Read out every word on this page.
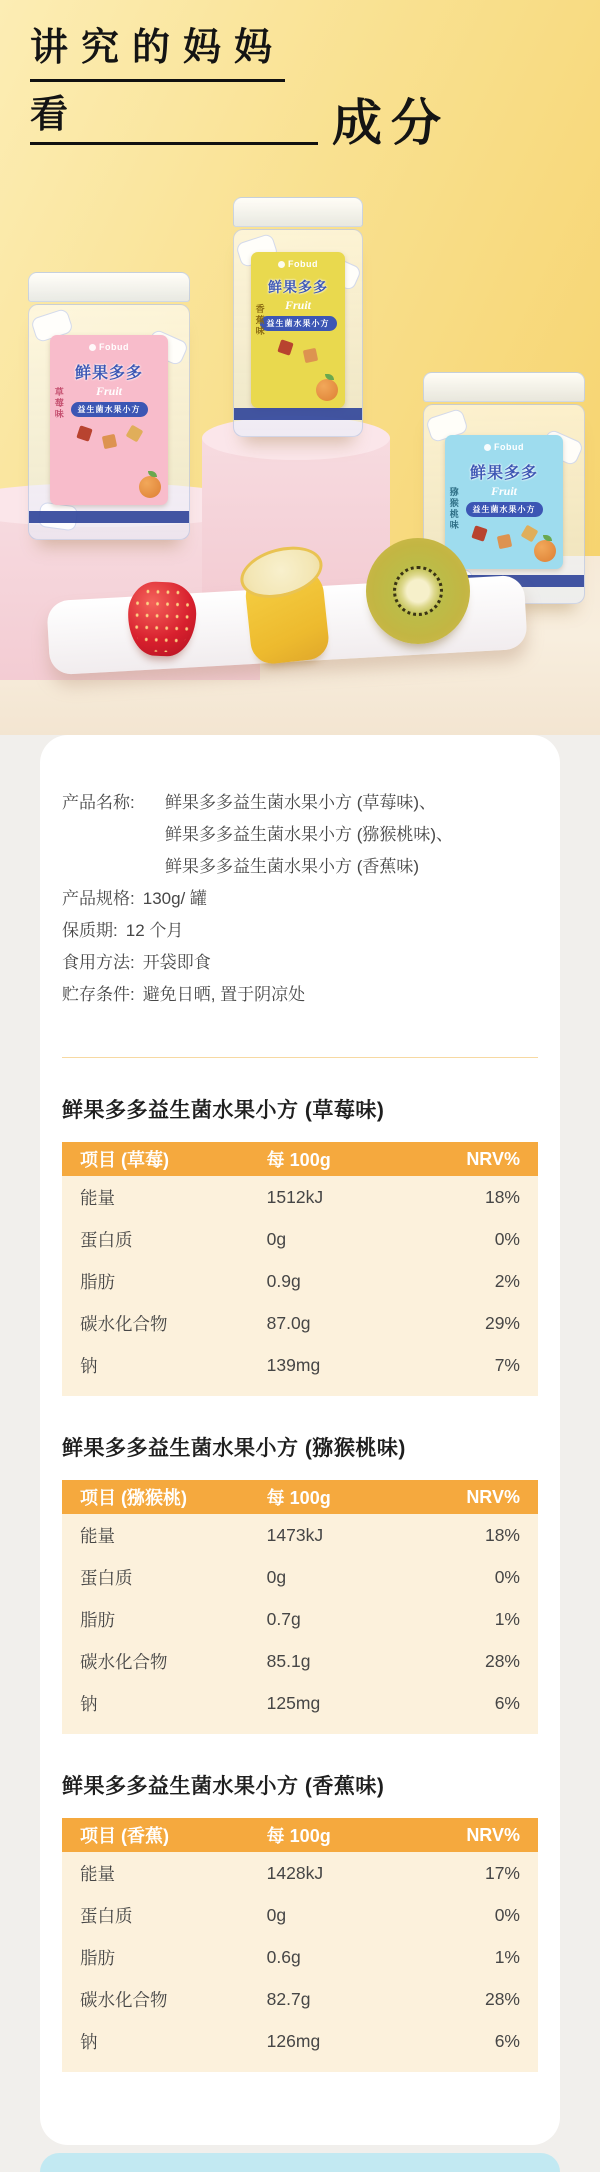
讲究的妈妈
看	成分
Fobud
鲜果多多
Fruit
益生菌水果小方
草莓味
Fobud
鲜果多多
Fruit
益生菌水果小方
香蕉味
Fobud
鲜果多多
Fruit
益生菌水果小方
猕猴桃味
产品名称:	鲜果多多益生菌水果小方 (草莓味)、
鲜果多多益生菌水果小方 (猕猴桃味)、
鲜果多多益生菌水果小方 (香蕉味)
产品规格: 130g/ 罐
保质期: 12 个月
食用方法: 开袋即食
贮存条件: 避免日晒, 置于阴凉处
鲜果多多益生菌水果小方 (草莓味)
项目 (草莓)	每 100g	NRV%
能量	1512kJ	18%
蛋白质	0g	0%
脂肪	0.9g	2%
碳水化合物	87.0g	29%
钠	139mg	7%
鲜果多多益生菌水果小方 (猕猴桃味)
项目 (猕猴桃)	每 100g	NRV%
能量	1473kJ	18%
蛋白质	0g	0%
脂肪	0.7g	1%
碳水化合物	85.1g	28%
钠	125mg	6%
鲜果多多益生菌水果小方 (香蕉味)
项目 (香蕉)	每 100g	NRV%
能量	1428kJ	17%
蛋白质	0g	0%
脂肪	0.6g	1%
碳水化合物	82.7g	28%
钠	126mg	6%
